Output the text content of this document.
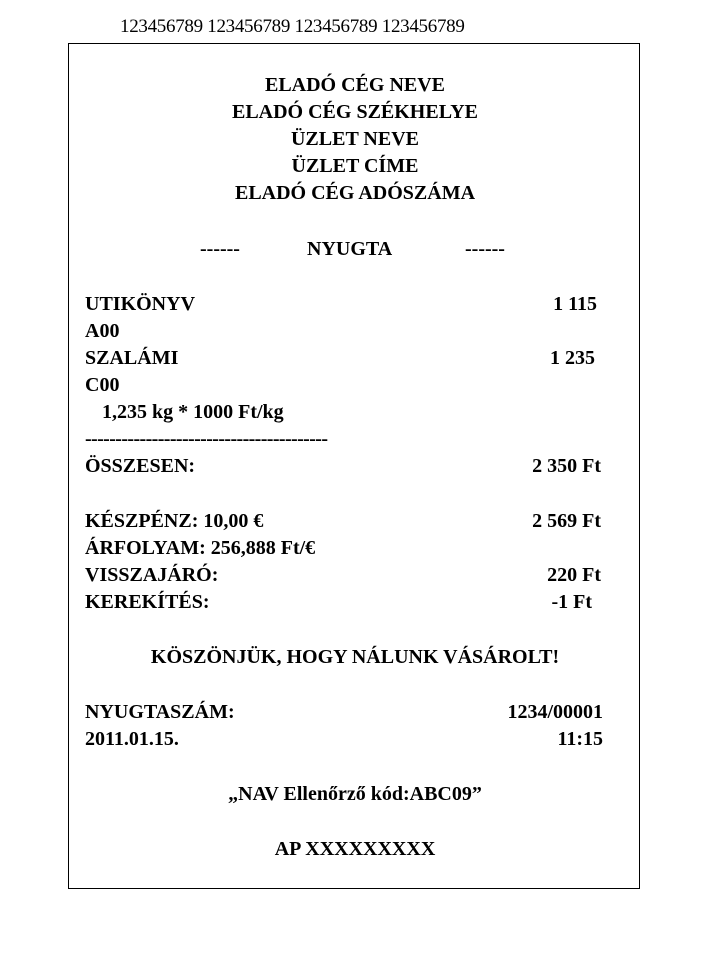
123456789 123456789 123456789 123456789
ELADÓ CÉG NEVE
ELADÓ CÉG SZÉKHELYE
ÜZLET NEVE
ÜZLET CÍME
ELADÓ CÉG ADÓSZÁMA
------	NYUGTA	------
UTIKÖNYV	1 115
A00
SZALÁMI	1 235
C00
1,235 kg * 1000 Ft/kg
----------------------------------------
ÖSSZESEN:	2 350 Ft
KÉSZPÉNZ: 10,00 €	2 569 Ft
ÁRFOLYAM: 256,888 Ft/€
VISSZAJÁRÓ:	220 Ft
KEREKÍTÉS:	-1 Ft
KÖSZÖNJÜK, HOGY NÁLUNK VÁSÁROLT!
NYUGTASZÁM:	1234/00001
2011.01.15.	11:15
„NAV Ellenőrző kód:ABC09”
AP XXXXXXXXX
